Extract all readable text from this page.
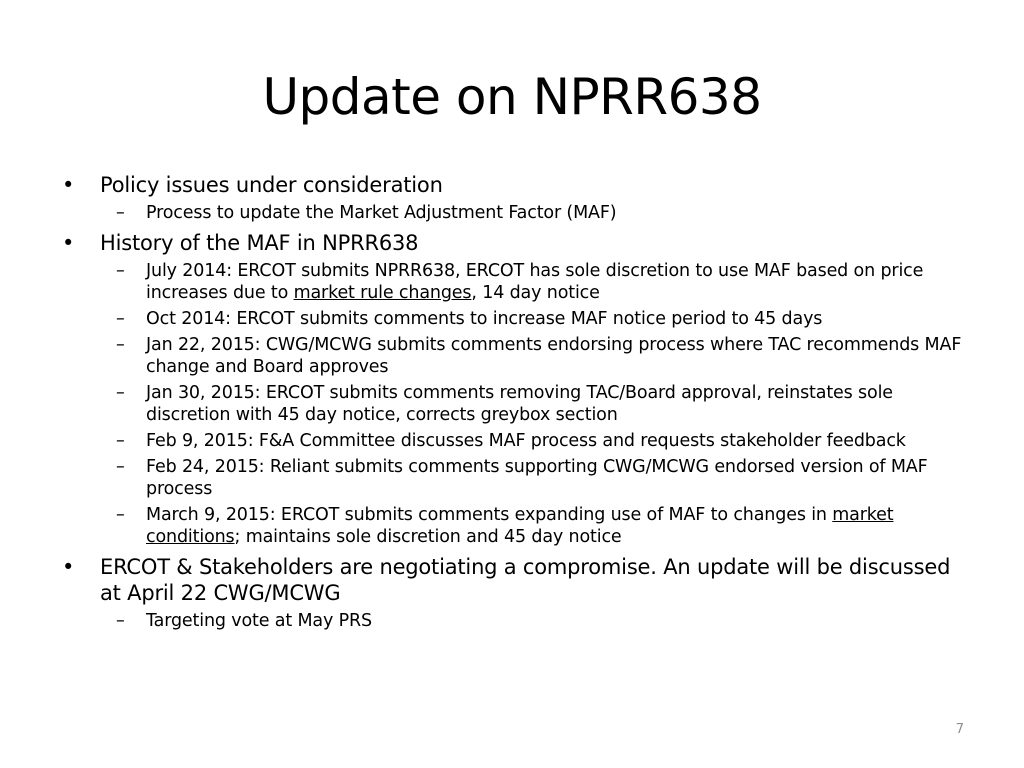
Update on NPRR638
• Policy issues under consideration
– Process to update the Market Adjustment Factor (MAF)
• History of the MAF in NPRR638
– July 2014: ERCOT submits NPRR638, ERCOT has sole discretion to use MAF based on price increases due to market rule changes, 14 day notice
– Oct 2014: ERCOT submits comments to increase MAF notice period to 45 days
– Jan 22, 2015: CWG/MCWG submits comments endorsing process where TAC recommends MAF change and Board approves
– Jan 30, 2015: ERCOT submits comments removing TAC/Board approval, reinstates sole discretion with 45 day notice, corrects greybox section
– Feb 9, 2015: F&A Committee discusses MAF process and requests stakeholder feedback
– Feb 24, 2015: Reliant submits comments supporting CWG/MCWG endorsed version of MAF process
– March 9, 2015: ERCOT submits comments expanding use of MAF to changes in market conditions; maintains sole discretion and 45 day notice
• ERCOT & Stakeholders are negotiating a compromise. An update will be discussed at April 22 CWG/MCWG
– Targeting vote at May PRS
7
